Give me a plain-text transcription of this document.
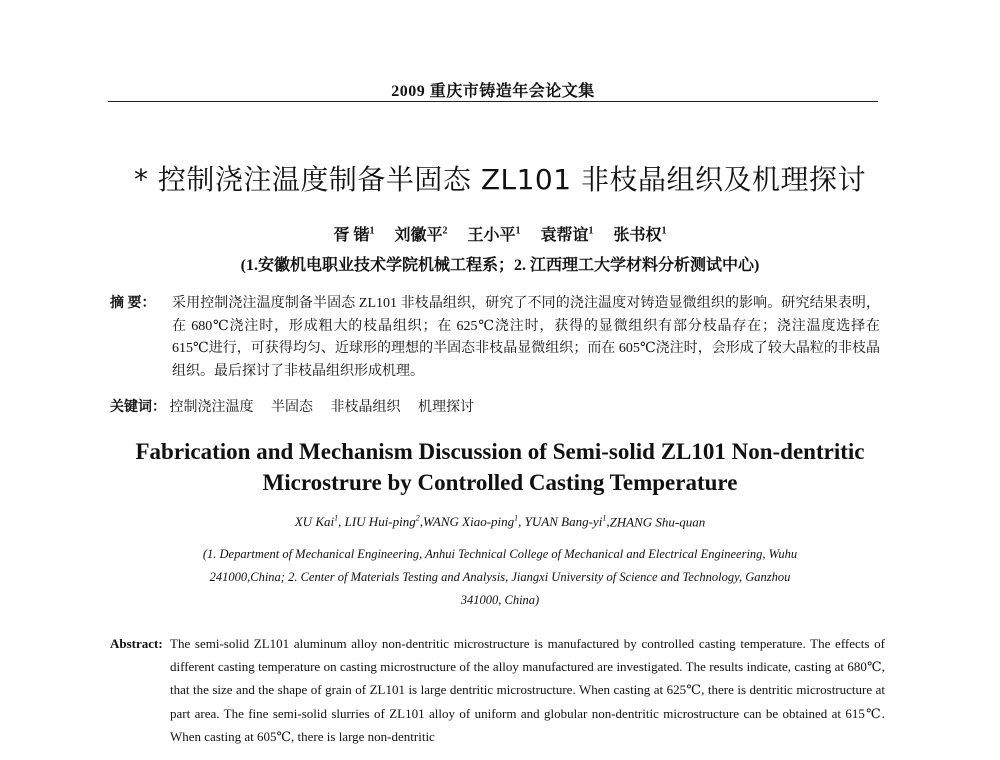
2009 重庆市铸造年会论文集
* 控制浇注温度制备半固态 ZL101 非枝晶组织及机理探讨
胥 锴$^1$ 刘徽平$^2$ 王小平$^1$ 袁帮谊$^1$ 张书权$^1$
(1.安徽机电职业技术学院机械工程系；2. 江西理工大学材料分析测试中心)
摘 要：	采用控制浇注温度制备半固态 ZL101 非枝晶组织，研究了不同的浇注温度对铸造显微组织的影响。研究结果表明，在 680℃浇注时，形成粗大的枝晶组织；在 625℃浇注时，获得的显微组织有部分枝晶存在；浇注温度选择在 615℃进行，可获得均匀、近球形的理想的半固态非枝晶显微组织；而在 605℃浇注时，会形成了较大晶粒的非枝晶组织。最后探讨了非枝晶组织形成机理。
关键词： 控制浇注温度 半固态 非枝晶组织 机理探讨
Fabrication and Mechanism Discussion of Semi-solid ZL101 Non-dentritic
Microstrure by Controlled Casting Temperature
XU Kai$^1$, LIU Hui-ping$^2$,WANG Xiao-ping$^1$, YUAN Bang-$yi^1,ZHANG$ Shu-quan
(1. Department of Mechanical Engineering, Anhui Technical College of Mechanical and Electrical Engineering, Wuhu
241000,China; 2. Center of Materials Testing and Analysis, Jiangxi University of Science and Technology, Ganzhou
341000, China)
Abstract: The semi-solid ZL101 aluminum alloy non-dentritic microstructure is manufactured by controlled casting temperature. The effects of different casting temperature on casting microstructure of the alloy manufactured are investigated. The results indicate, casting at 680℃, that the size and the shape of grain of ZL101 is large dentritic microstructure. When casting at 625℃, there is dentritic microstructure at part area. The fine semi-solid slurries of ZL101 alloy of uniform and globular non-dentritic microstructure can be obtained at 615℃. When casting at 605℃, there is large non-dentritic
